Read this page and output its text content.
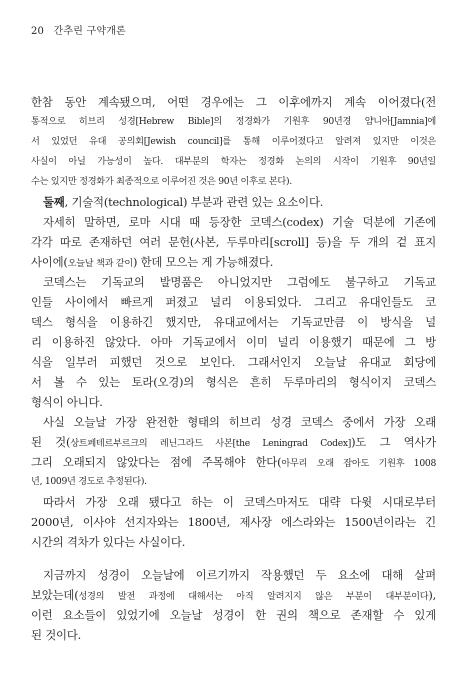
20 간추린 구약개론
한참 동안 계속됐으며, 어떤 경우에는 그 이후에까지 계속 이어졌다(전
통적으로 히브리 성경[Hebrew Bible]의 정경화가 기원후 90년경 얌니아[Jamnia]에
서 있었던 유대 공의회[Jewish council]를 통해 이루어졌다고 알려져 있지만 이것은
사실이 아닐 가능성이 높다. 대부분의 학자는 정경화 논의의 시작이 기원후 90년일
수는 있지만 정경화가 최종적으로 이루어진 것은 90년 이후로 본다).
둘째, 기술적(technological) 부분과 관련 있는 요소이다.
자세히 말하면, 로마 시대 때 등장한 코덱스(codex) 기술 덕분에 기존에
각각 따로 존재하던 여러 문헌(사본, 두루마리[scroll] 등)을 두 개의 겉 표지
사이에(오늘날 책과 같이) 한데 모으는 게 가능해졌다.
코덱스는 기독교의 발명품은 아니었지만 그럼에도 불구하고 기독교
인들 사이에서 빠르게 퍼졌고 널리 이용되었다. 그리고 유대인들도 코
덱스 형식을 이용하긴 했지만, 유대교에서는 기독교만큼 이 방식을 널
리 이용하진 않았다. 아마 기독교에서 이미 널리 이용했기 때문에 그 방
식을 일부러 피했던 것으로 보인다. 그래서인지 오늘날 유대교 회당에
서 볼 수 있는 토라(오경)의 형식은 흔히 두루마리의 형식이지 코덱스
형식이 아니다.
사실 오늘날 가장 완전한 형태의 히브리 성경 코덱스 중에서 가장 오래
된 것(상트페테르부르크의 레닌그라드 사본[the Leningrad Codex])도 그 역사가
그리 오래되지 않았다는 점에 주목해야 한다(아무리 오래 잡아도 기원후 1008
년, 1009년 경도로 추정된다).
따라서 가장 오래 됐다고 하는 이 코덱스마저도 대략 다윗 시대로부터
2000년, 이사야 선지자와는 1800년, 제사장 에스라와는 1500년이라는 긴
시간의 격차가 있다는 사실이다.
지금까지 성경이 오늘날에 이르기까지 작용했던 두 요소에 대해 살펴
보았는데(성경의 발전 과정에 대해서는 아직 알려지지 않은 부분이 대부분이다),
이런 요소들이 있었기에 오늘날 성경이 한 권의 책으로 존재할 수 있게
된 것이다.
